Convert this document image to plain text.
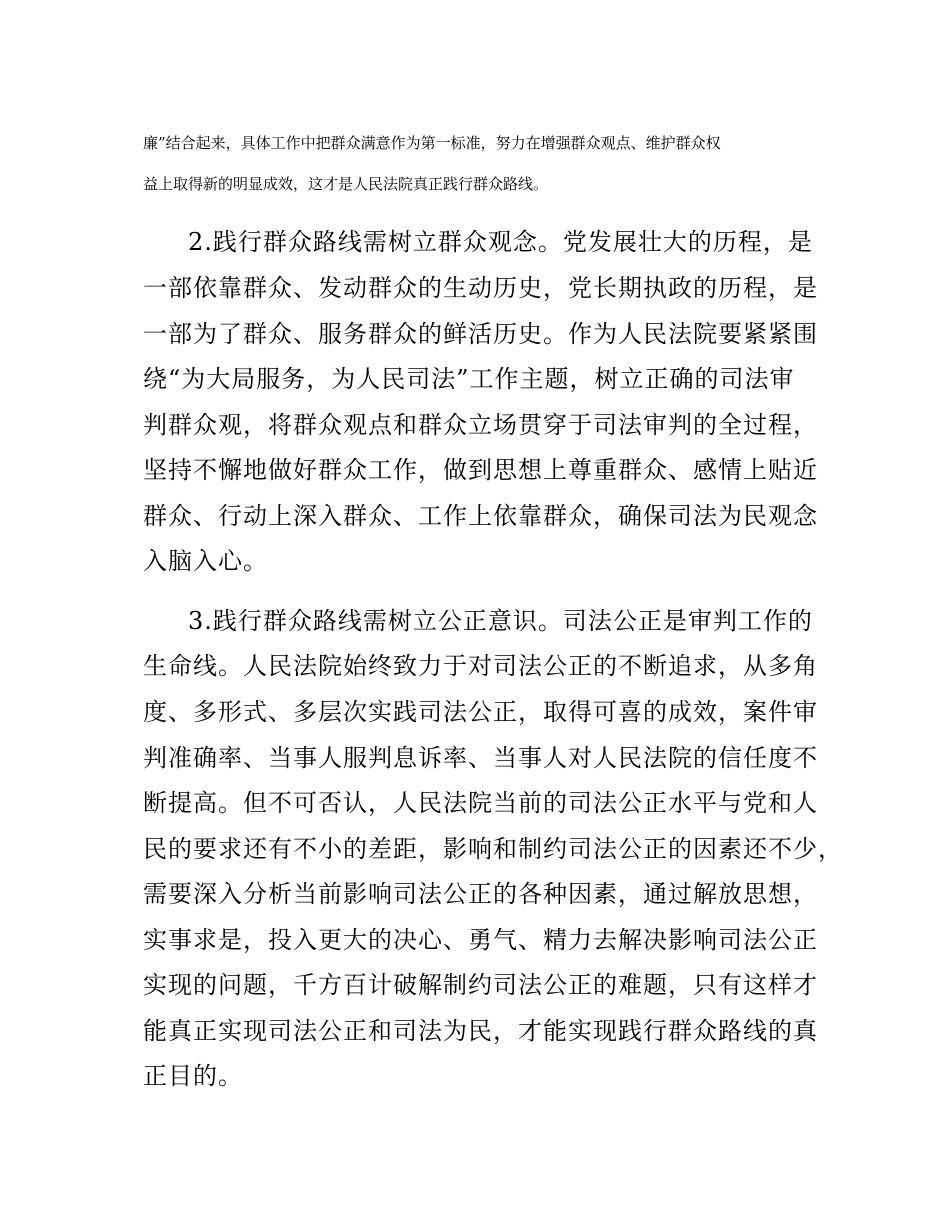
廉”结合起来，具体工作中把群众满意作为第一标准，努力在增强群众观点、维护群众权

益上取得新的明显成效，这才是人民法院真正践行群众路线。

2.践行群众路线需树立群众观念。党发展壮大的历程，是

一部依靠群众、发动群众的生动历史，党长期执政的历程，是

一部为了群众、服务群众的鲜活历史。作为人民法院要紧紧围

绕“为大局服务，为人民司法”工作主题，树立正确的司法审

判群众观，将群众观点和群众立场贯穿于司法审判的全过程，

坚持不懈地做好群众工作，做到思想上尊重群众、感情上贴近

群众、行动上深入群众、工作上依靠群众，确保司法为民观念

入脑入心。

3.践行群众路线需树立公正意识。司法公正是审判工作的

生命线。人民法院始终致力于对司法公正的不断追求，从多角

度、多形式、多层次实践司法公正，取得可喜的成效，案件审

判准确率、当事人服判息诉率、当事人对人民法院的信任度不

断提高。但不可否认，人民法院当前的司法公正水平与党和人

民的要求还有不小的差距，影响和制约司法公正的因素还不少，

需要深入分析当前影响司法公正的各种因素，通过解放思想，

实事求是，投入更大的决心、勇气、精力去解决影响司法公正

实现的问题，千方百计破解制约司法公正的难题，只有这样才

能真正实现司法公正和司法为民，才能实现践行群众路线的真

正目的。
